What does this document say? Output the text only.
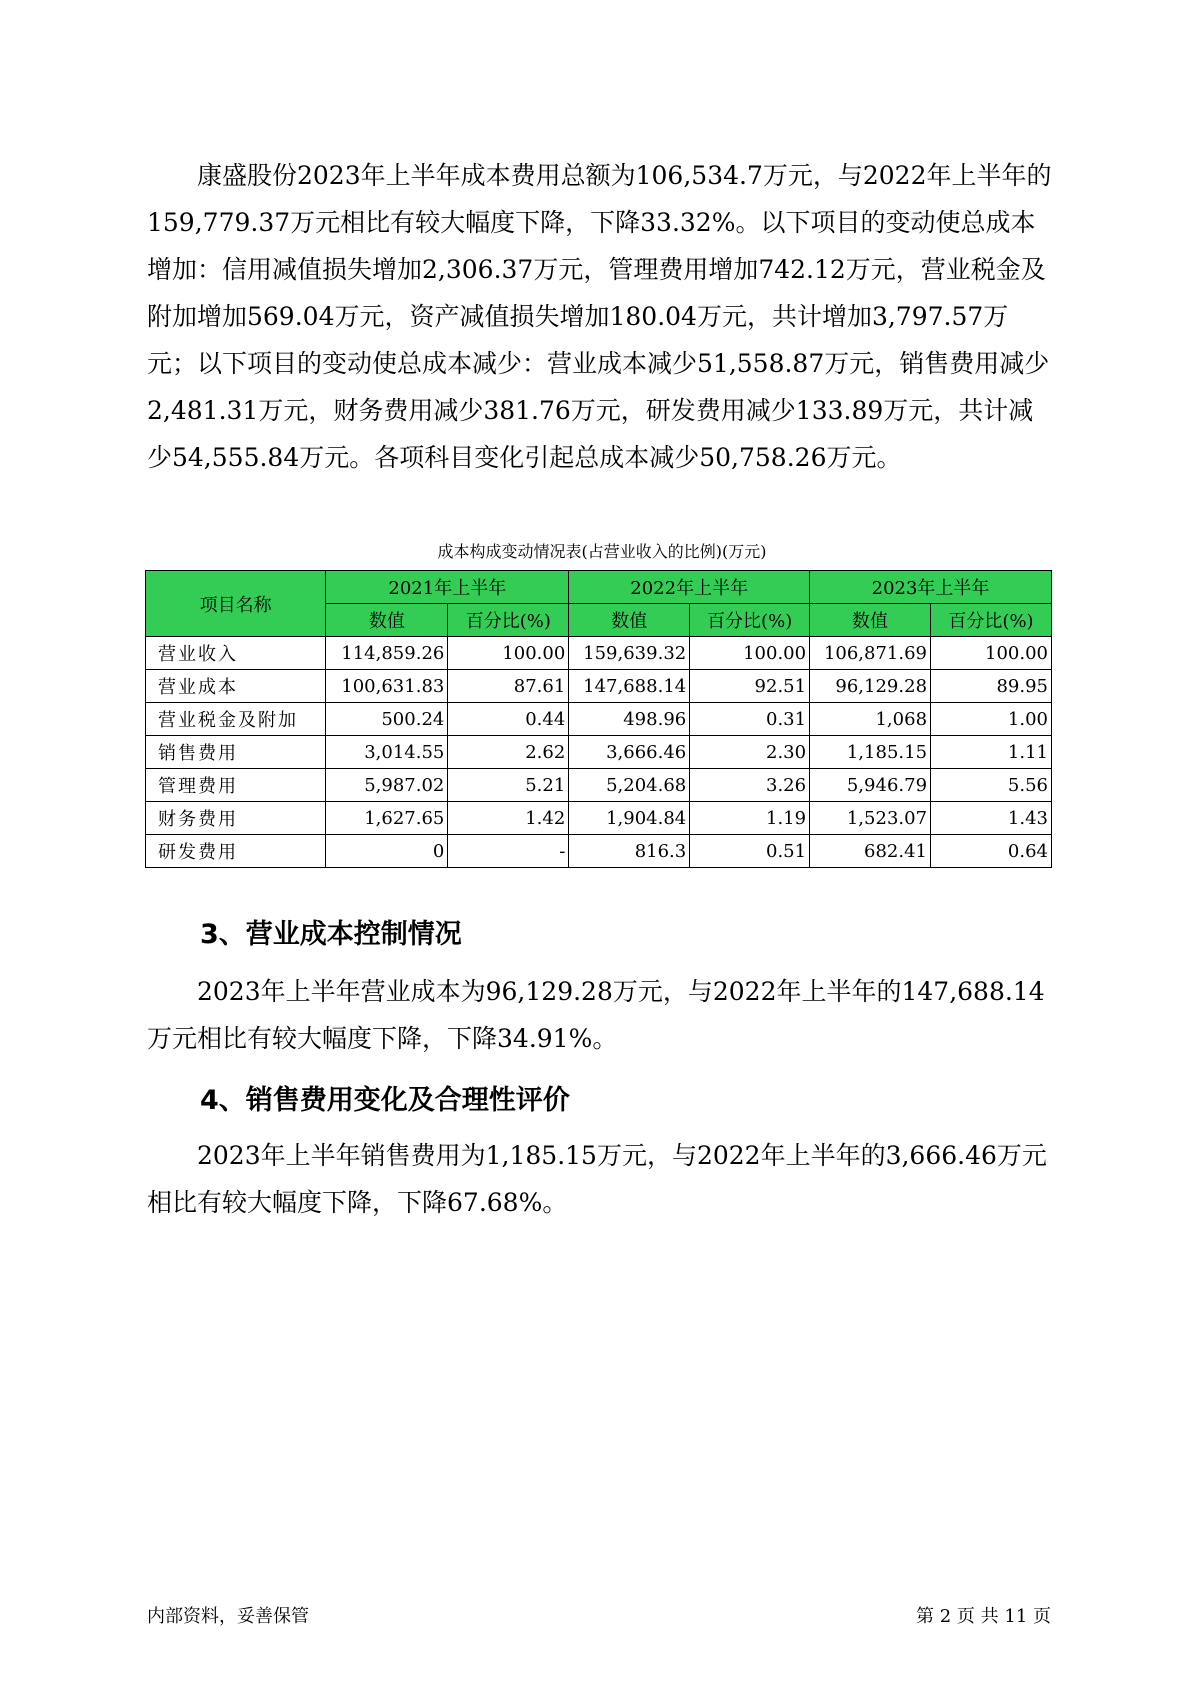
康盛股份2023年上半年成本费用总额为106,534.7万元，与2022年上半年的159,779.37万元相比有较大幅度下降，下降33.32%。以下项目的变动使总成本增加：信用减值损失增加2,306.37万元，管理费用增加742.12万元，营业税金及附加增加569.04万元，资产减值损失增加180.04万元，共计增加3,797.57万元；以下项目的变动使总成本减少：营业成本减少51,558.87万元，销售费用减少2,481.31万元，财务费用减少381.76万元，研发费用减少133.89万元，共计减少54,555.84万元。各项科目变化引起总成本减少50,758.26万元。

成本构成变动情况表(占营业收入的比例)(万元)
项目名称	2021年上半年		2022年上半年		2023年上半年	
	数值	百分比(%)	数值	百分比(%)	数值	百分比(%)
营业收入	114,859.26	100.00	159,639.32	100.00	106,871.69	100.00
营业成本	100,631.83	87.61	147,688.14	92.51	96,129.28	89.95
营业税金及附加	500.24	0.44	498.96	0.31	1,068	1.00
销售费用	3,014.55	2.62	3,666.46	2.30	1,185.15	1.11
管理费用	5,987.02	5.21	5,204.68	3.26	5,946.79	5.56
财务费用	1,627.65	1.42	1,904.84	1.19	1,523.07	1.43
研发费用	0	-	816.3	0.51	682.41	0.64
3、营业成本控制情况

2023年上半年营业成本为96,129.28万元，与2022年上半年的147,688.14万元相比有较大幅度下降，下降34.91%。

4、销售费用变化及合理性评价

2023年上半年销售费用为1,185.15万元，与2022年上半年的3,666.46万元相比有较大幅度下降，下降67.68%。

内部资料，妥善保管	第 2 页 共 11 页
